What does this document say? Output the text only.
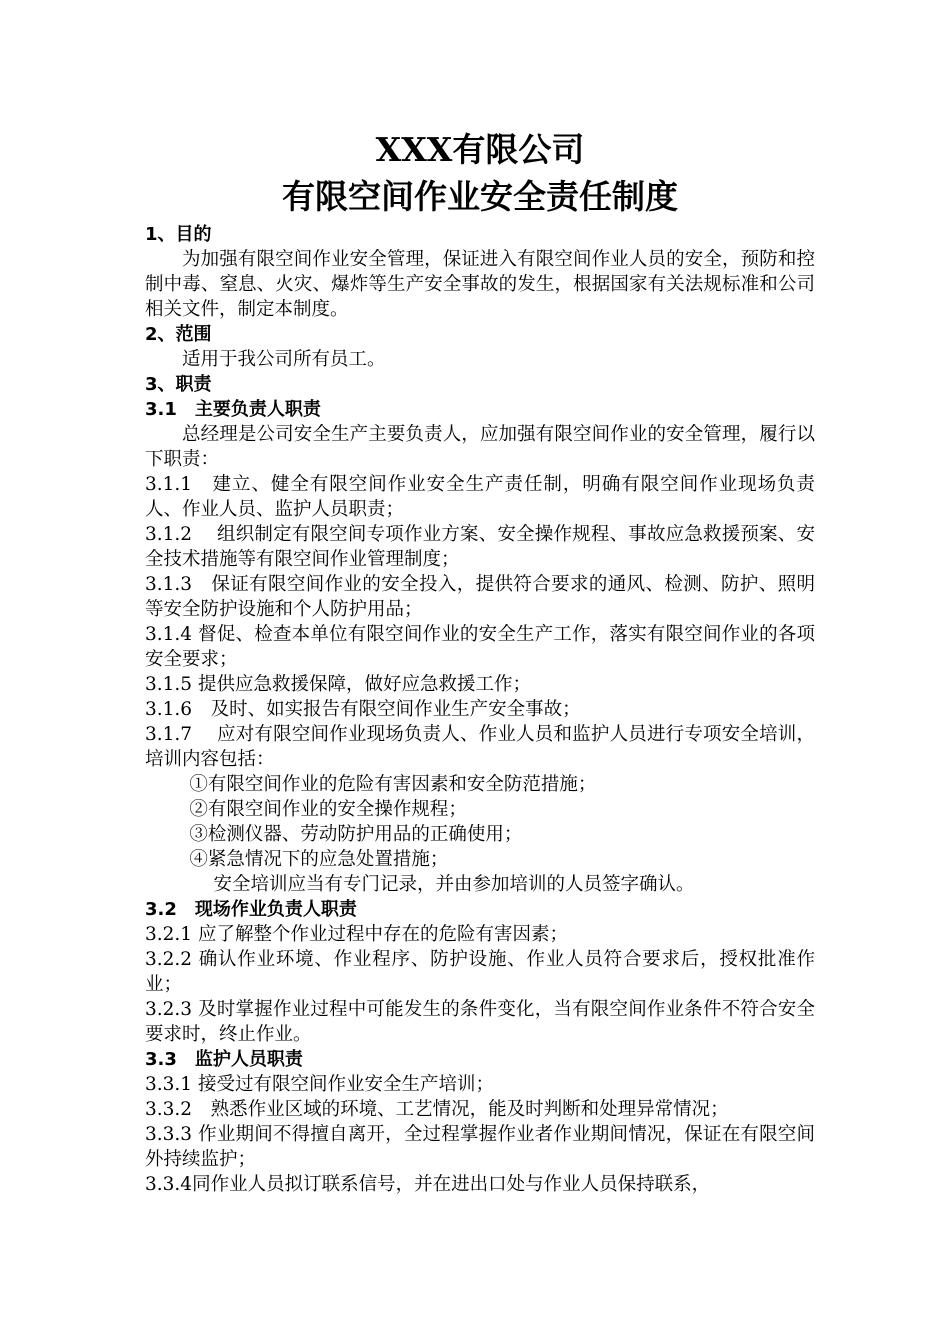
XXX有限公司

有限空间作业安全责任制度

1、目的

为加强有限空间作业安全管理，保证进入有限空间作业人员的安全，预防和控制中毒、窒息、火灾、爆炸等生产安全事故的发生，根据国家有关法规标准和公司相关文件，制定本制度。

2、范围

适用于我公司所有员工。

3、职责

3.1　主要负责人职责

总经理是公司安全生产主要负责人，应加强有限空间作业的安全管理，履行以下职责：

3.1.1　建立、健全有限空间作业安全生产责任制，明确有限空间作业现场负责人、作业人员、监护人员职责；

3.1.2　 组织制定有限空间专项作业方案、安全操作规程、事故应急救援预案、安全技术措施等有限空间作业管理制度；

3.1.3　保证有限空间作业的安全投入，提供符合要求的通风、检测、防护、照明等安全防护设施和个人防护用品；

3.1.4 督促、检查本单位有限空间作业的安全生产工作，落实有限空间作业的各项安全要求；

3.1.5 提供应急救援保障，做好应急救援工作；

3.1.6　及时、如实报告有限空间作业生产安全事故；

3.1.7　 应对有限空间作业现场负责人、作业人员和监护人员进行专项安全培训，培训内容包括：

①有限空间作业的危险有害因素和安全防范措施；

②有限空间作业的安全操作规程；

③检测仪器、劳动防护用品的正确使用；

④紧急情况下的应急处置措施；

安全培训应当有专门记录，并由参加培训的人员签字确认。

3.2　现场作业负责人职责

3.2.1 应了解整个作业过程中存在的危险有害因素；

3.2.2 确认作业环境、作业程序、防护设施、作业人员符合要求后，授权批准作业；

3.2.3 及时掌握作业过程中可能发生的条件变化，当有限空间作业条件不符合安全要求时，终止作业。

3.3　监护人员职责

3.3.1 接受过有限空间作业安全生产培训；

3.3.2　熟悉作业区域的环境、工艺情况，能及时判断和处理异常情况；

3.3.3 作业期间不得擅自离开，全过程掌握作业者作业期间情况，保证在有限空间外持续监护；

3.3.4同作业人员拟订联系信号，并在进出口处与作业人员保持联系，
